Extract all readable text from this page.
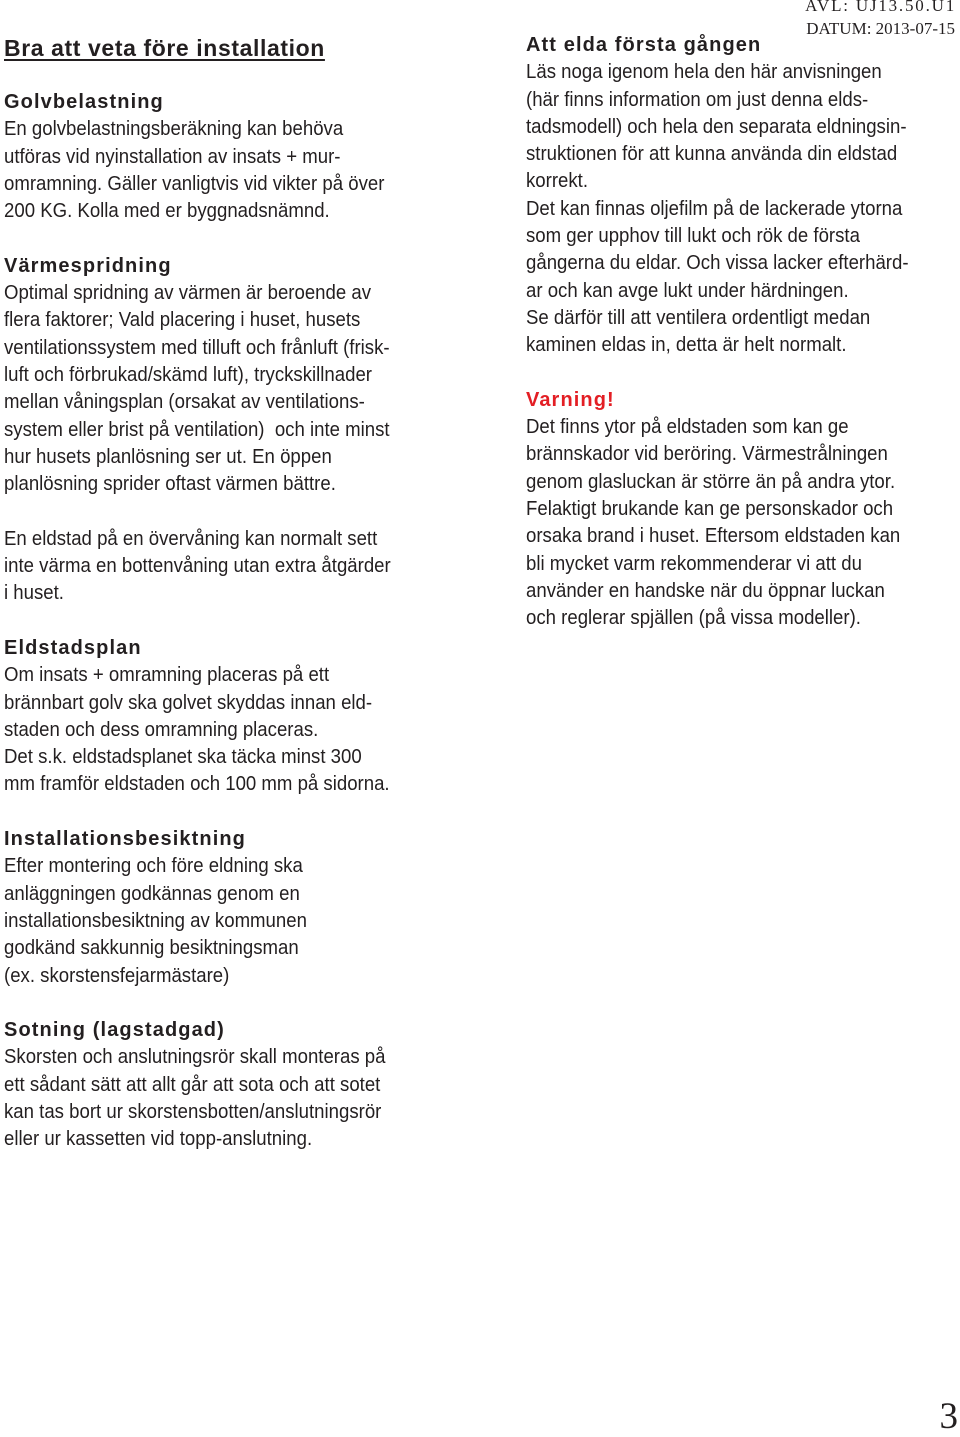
AVL: UJ13.50.U1
DATUM: 2013-07-15
Bra att veta före installation
Golvbelastning
En golvbelastningsberäkning kan behöva
utföras vid nyinstallation av insats + mur-
omramning. Gäller vanligtvis vid vikter på över
200 KG. Kolla med er byggnadsnämnd.
Värmespridning
Optimal spridning av värmen är beroende av
flera faktorer; Vald placering i huset, husets
ventilationssystem med tilluft och frånluft (frisk-
luft och förbrukad/skämd luft), tryckskillnader
mellan våningsplan (orsakat av ventilations-
system eller brist på ventilation)  och inte minst
hur husets planlösning ser ut. En öppen
planlösning sprider oftast värmen bättre.
En eldstad på en övervåning kan normalt sett
inte värma en bottenvåning utan extra åtgärder
i huset.
Eldstadsplan
Om insats + omramning placeras på ett
brännbart golv ska golvet skyddas innan eld-
staden och dess omramning placeras.
Det s.k. eldstadsplanet ska täcka minst 300
mm framför eldstaden och 100 mm på sidorna.
Installationsbesiktning
Efter montering och före eldning ska
anläggningen godkännas genom en
installationsbesiktning av kommunen
godkänd sakkunnig besiktningsman
(ex. skorstensfejarmästare)
Sotning (lagstadgad)
Skorsten och anslutningsrör skall monteras på
ett sådant sätt att allt går att sota och att sotet
kan tas bort ur skorstensbotten/anslutningsrör
eller ur kassetten vid topp-anslutning.
Att elda första gången
Läs noga igenom hela den här anvisningen
(här finns information om just denna elds-
tadsmodell) och hela den separata eldningsin-
struktionen för att kunna använda din eldstad
korrekt.
Det kan finnas oljefilm på de lackerade ytorna
som ger upphov till lukt och rök de första
gångerna du eldar. Och vissa lacker efterhärd-
ar och kan avge lukt under härdningen.
Se därför till att ventilera ordentligt medan
kaminen eldas in, detta är helt normalt.
Varning!
Det finns ytor på eldstaden som kan ge
brännskador vid beröring. Värmestrålningen
genom glasluckan är större än på andra ytor.
Felaktigt brukande kan ge personskador och
orsaka brand i huset. Eftersom eldstaden kan
bli mycket varm rekommenderar vi att du
använder en handske när du öppnar luckan
och reglerar spjällen (på vissa modeller).
3
